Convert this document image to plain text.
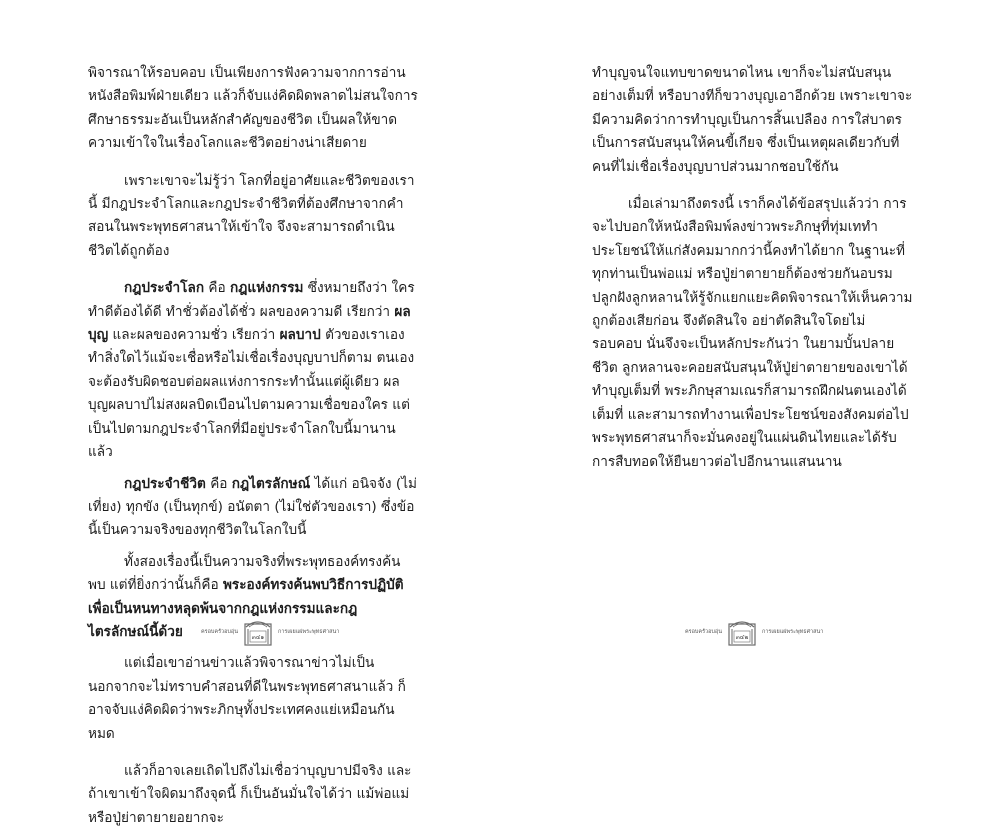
พิจารณาให้รอบคอบ เป็นเพียงการฟังความจากการอ่านหนังสือพิมพ์ฝ่ายเดียว แล้วก็จับแง่คิดผิดพลาดไม่สนใจการศึกษาธรรมะอันเป็นหลักสำคัญของชีวิต เป็นผลให้ขาดความเข้าใจในเรื่องโลกและชีวิตอย่างน่าเสียดาย

เพราะเขาจะไม่รู้ว่า โลกที่อยู่อาศัยและชีวิตของเรานี้ มีกฎประจำโลกและกฎประจำชีวิตที่ต้องศึกษาจากคำสอนในพระพุทธศาสนาให้เข้าใจ จึงจะสามารถดำเนินชีวิตได้ถูกต้อง

กฎประจำโลก คือ กฎแห่งกรรม ซึ่งหมายถึงว่า ใครทำดีต้องได้ดี ทำชั่วต้องได้ชั่ว ผลของความดี เรียกว่า ผลบุญ และผลของความชั่ว เรียกว่า ผลบาป ตัวของเราเองทำสิ่งใดไว้แม้จะเชื่อหรือไม่เชื่อเรื่องบุญบาปก็ตาม ตนเองจะต้องรับผิดชอบต่อผลแห่งการกระทำนั้นแต่ผู้เดียว ผลบุญผลบาปไม่สงผลบิดเบือนไปตามความเชื่อของใคร แต่เป็นไปตามกฎประจำโลกที่มีอยู่ประจำโลกใบนี้มานานแล้ว

กฎประจำชีวิต คือ กฎไตรลักษณ์ ได้แก่ อนิจจัง (ไม่เที่ยง) ทุกขัง (เป็นทุกข์) อนัตตา (ไม่ใช่ตัวของเรา) ซึ่งข้อนี้เป็นความจริงของทุกชีวิตในโลกใบนี้

ทั้งสองเรื่องนี้เป็นความจริงที่พระพุทธองค์ทรงค้นพบ แต่ที่ยิ่งกว่านั้นก็คือ พระองค์ทรงค้นพบวิธีการปฏิบัติเพื่อเป็นหนทางหลุดพ้นจากกฎแห่งกรรมและกฎไตรลักษณ์นี้ด้วย

แต่เมื่อเขาอ่านข่าวแล้วพิจารณาข่าวไม่เป็น นอกจากจะไม่ทราบคำสอนที่ดีในพระพุทธศาสนาแล้ว ก็อาจจับแง่คิดผิดว่าพระภิกษุทั้งประเทศคงแย่เหมือนกันหมด

แล้วก็อาจเลยเถิดไปถึงไม่เชื่อว่าบุญบาปมีจริง และถ้าเขาเข้าใจผิดมาถึงจุดนี้ ก็เป็นอันมั่นใจได้ว่า แม้พ่อแม่หรือปู่ย่าตายายอยากจะ

ทำบุญจนใจแทบขาดขนาดไหน เขาก็จะไม่สนับสนุนอย่างเต็มที่ หรือบางทีก็ขวางบุญเอาอีกด้วย เพราะเขาจะมีความคิดว่าการทำบุญเป็นการสิ้นเปลือง การใส่บาตรเป็นการสนับสนุนให้คนขี้เกียจ ซึ่งเป็นเหตุผลเดียวกับที่คนที่ไม่เชื่อเรื่องบุญบาปส่วนมากชอบใช้กัน

เมื่อเล่ามาถึงตรงนี้ เราก็คงได้ข้อสรุปแล้วว่า การจะไปบอกให้หนังสือพิมพ์ลงข่าวพระภิกษุที่ทุ่มเททำประโยชน์ให้แก่สังคมมากกว่านี้คงทำได้ยาก ในฐานะที่ทุกท่านเป็นพ่อแม่ หรือปู่ย่าตายายก็ต้องช่วยกันอบรมปลูกฝังลูกหลานให้รู้จักแยกแยะคิดพิจารณาให้เห็นความถูกต้องเสียก่อน จึงตัดสินใจ อย่าตัดสินใจโดยไม่รอบคอบ นั่นจึงจะเป็นหลักประกันว่า ในยามบั้นปลายชีวิต ลูกหลานจะคอยสนับสนุนให้ปู่ย่าตายายของเขาได้ทำบุญเต็มที่ พระภิกษุสามเณรก็สามารถฝึกฝนตนเองได้เต็มที่ และสามารถทำงานเพื่อประโยชน์ของสังคมต่อไป พระพุทธศาสนาก็จะมั่นคงอยู่ในแผ่นดินไทยและได้รับการสืบทอดให้ยืนยาวต่อไปอีกนานแสนนาน

ครอบครัวอบอุ่น
๓๔๑
การเผยแผ่พระพุทธศาสนา	ครอบครัวอบอุ่น
๓๔๒
การเผยแผ่พระพุทธศาสนา
